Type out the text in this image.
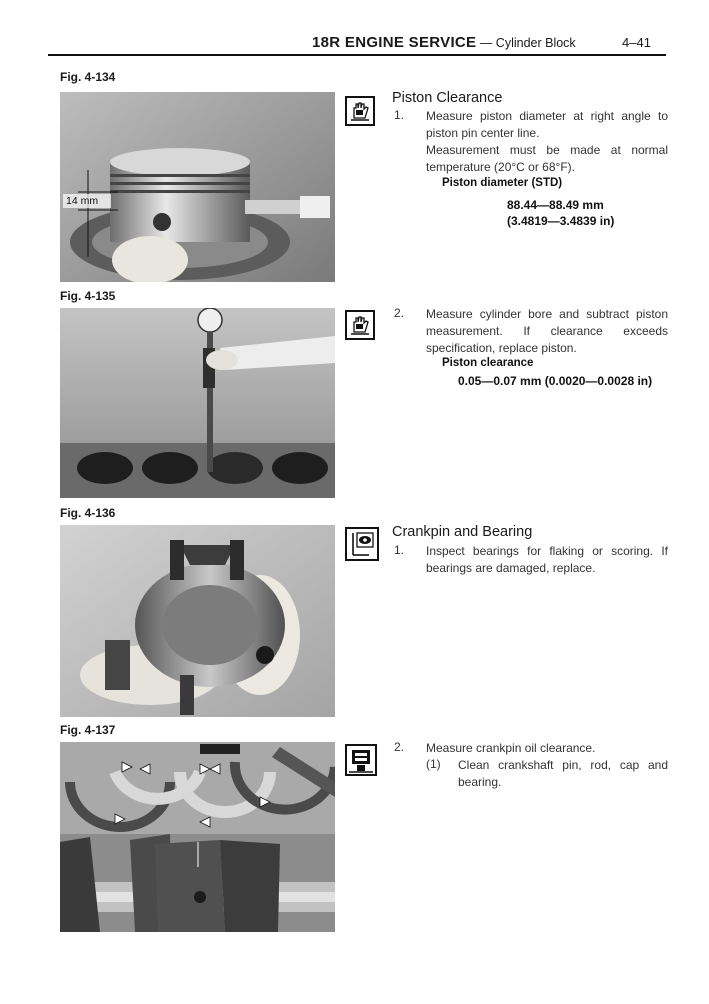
18R ENGINE SERVICE — Cylinder Block	4–41
Fig. 4-134
14 mm
Fig. 4-135
Fig. 4-136
Fig. 4-137
Piston Clearance
1. Measure piston diameter at right angle to piston pin center line.
Measurement must be made at normal temperature (20°C or 68°F).
Piston diameter (STD)
88.44—88.49 mm
(3.4819—3.4839 in)
2. Measure cylinder bore and subtract piston measurement. If clearance exceeds specification, replace piston.
Piston clearance
0.05—0.07 mm (0.0020—0.0028 in)
Crankpin and Bearing
1. Inspect bearings for flaking or scoring. If bearings are damaged, replace.
2. Measure crankpin oil clearance.
(1) Clean crankshaft pin, rod, cap and bearing.
